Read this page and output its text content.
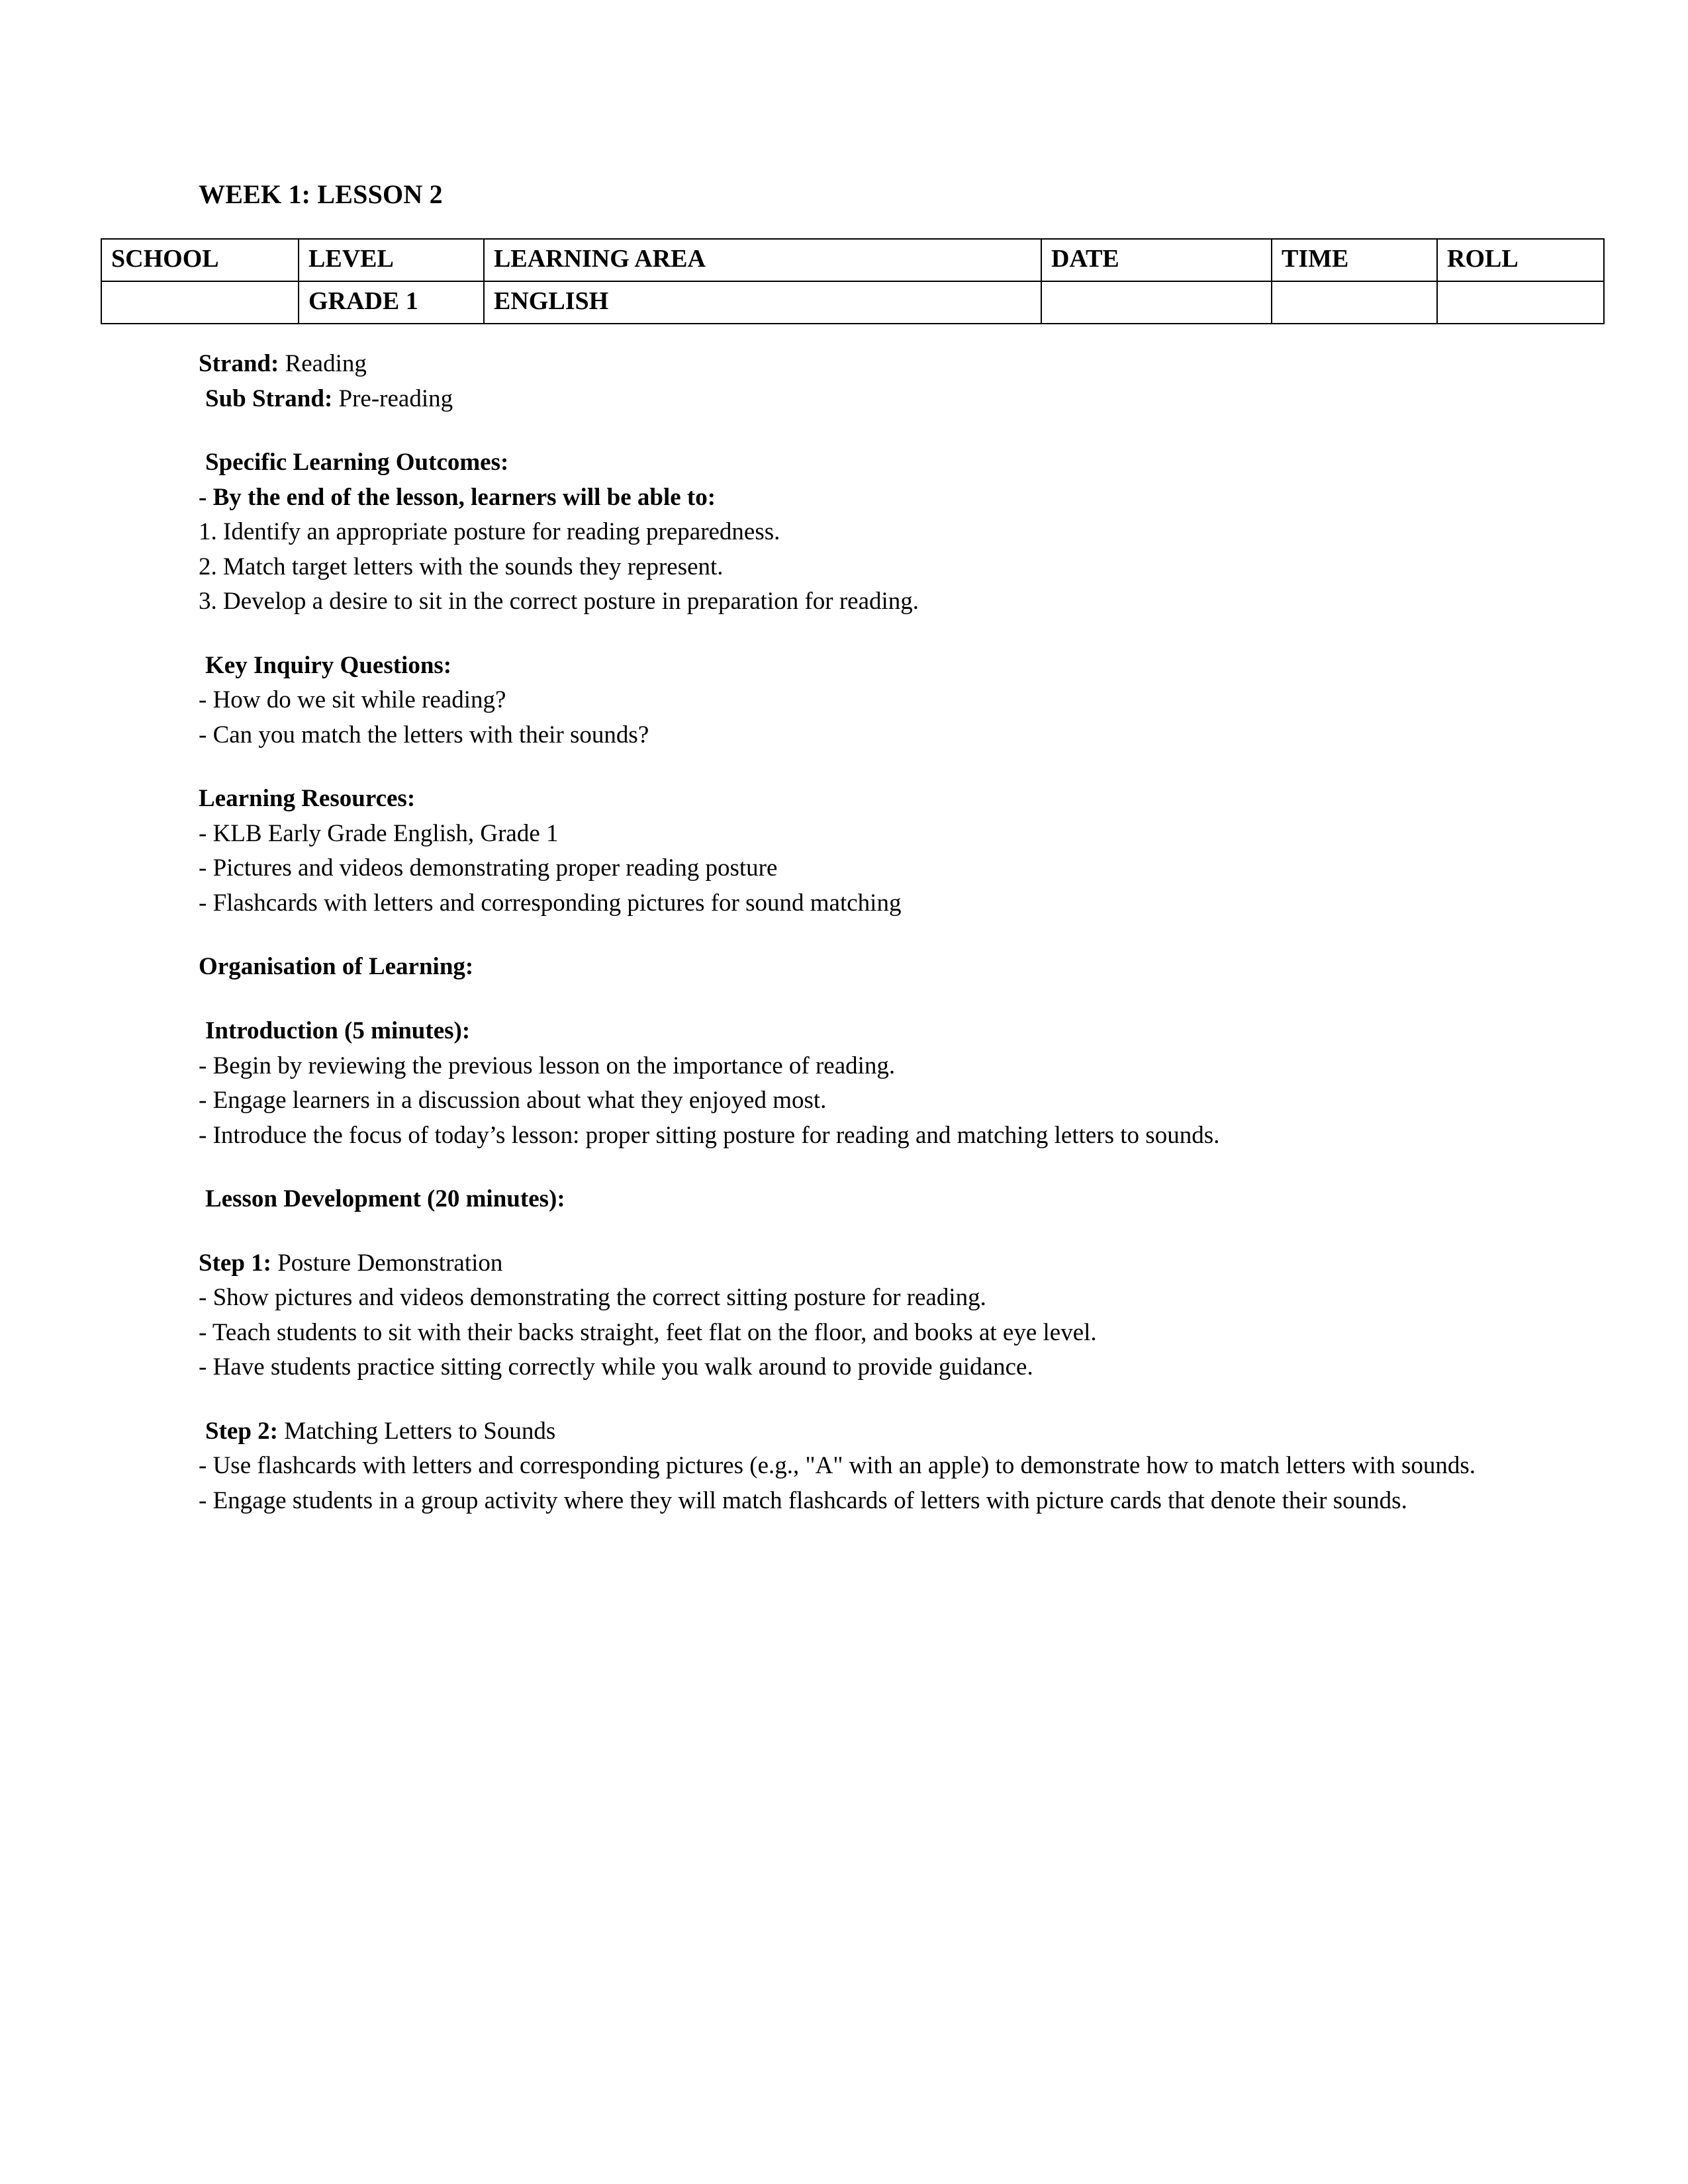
WEEK 1: LESSON 2
SCHOOL	LEVEL	LEARNING AREA	DATE	TIME	ROLL
	GRADE 1	ENGLISH			

Strand: Reading

Sub Strand: Pre-reading

Specific Learning Outcomes:

- By the end of the lesson, learners will be able to:

1. Identify an appropriate posture for reading preparedness.

2. Match target letters with the sounds they represent.

3. Develop a desire to sit in the correct posture in preparation for reading.

Key Inquiry Questions:

- How do we sit while reading?

- Can you match the letters with their sounds?

Learning Resources:

- KLB Early Grade English, Grade 1

- Pictures and videos demonstrating proper reading posture

- Flashcards with letters and corresponding pictures for sound matching

Organisation of Learning:

Introduction (5 minutes):

- Begin by reviewing the previous lesson on the importance of reading.

- Engage learners in a discussion about what they enjoyed most.

- Introduce the focus of today’s lesson: proper sitting posture for reading and matching letters to sounds.

Lesson Development (20 minutes):

Step 1: Posture Demonstration

- Show pictures and videos demonstrating the correct sitting posture for reading.

- Teach students to sit with their backs straight, feet flat on the floor, and books at eye level.

- Have students practice sitting correctly while you walk around to provide guidance.

Step 2: Matching Letters to Sounds

- Use flashcards with letters and corresponding pictures (e.g., "A" with an apple) to demonstrate how to match letters with sounds.

- Engage students in a group activity where they will match flashcards of letters with picture cards that denote their sounds.
